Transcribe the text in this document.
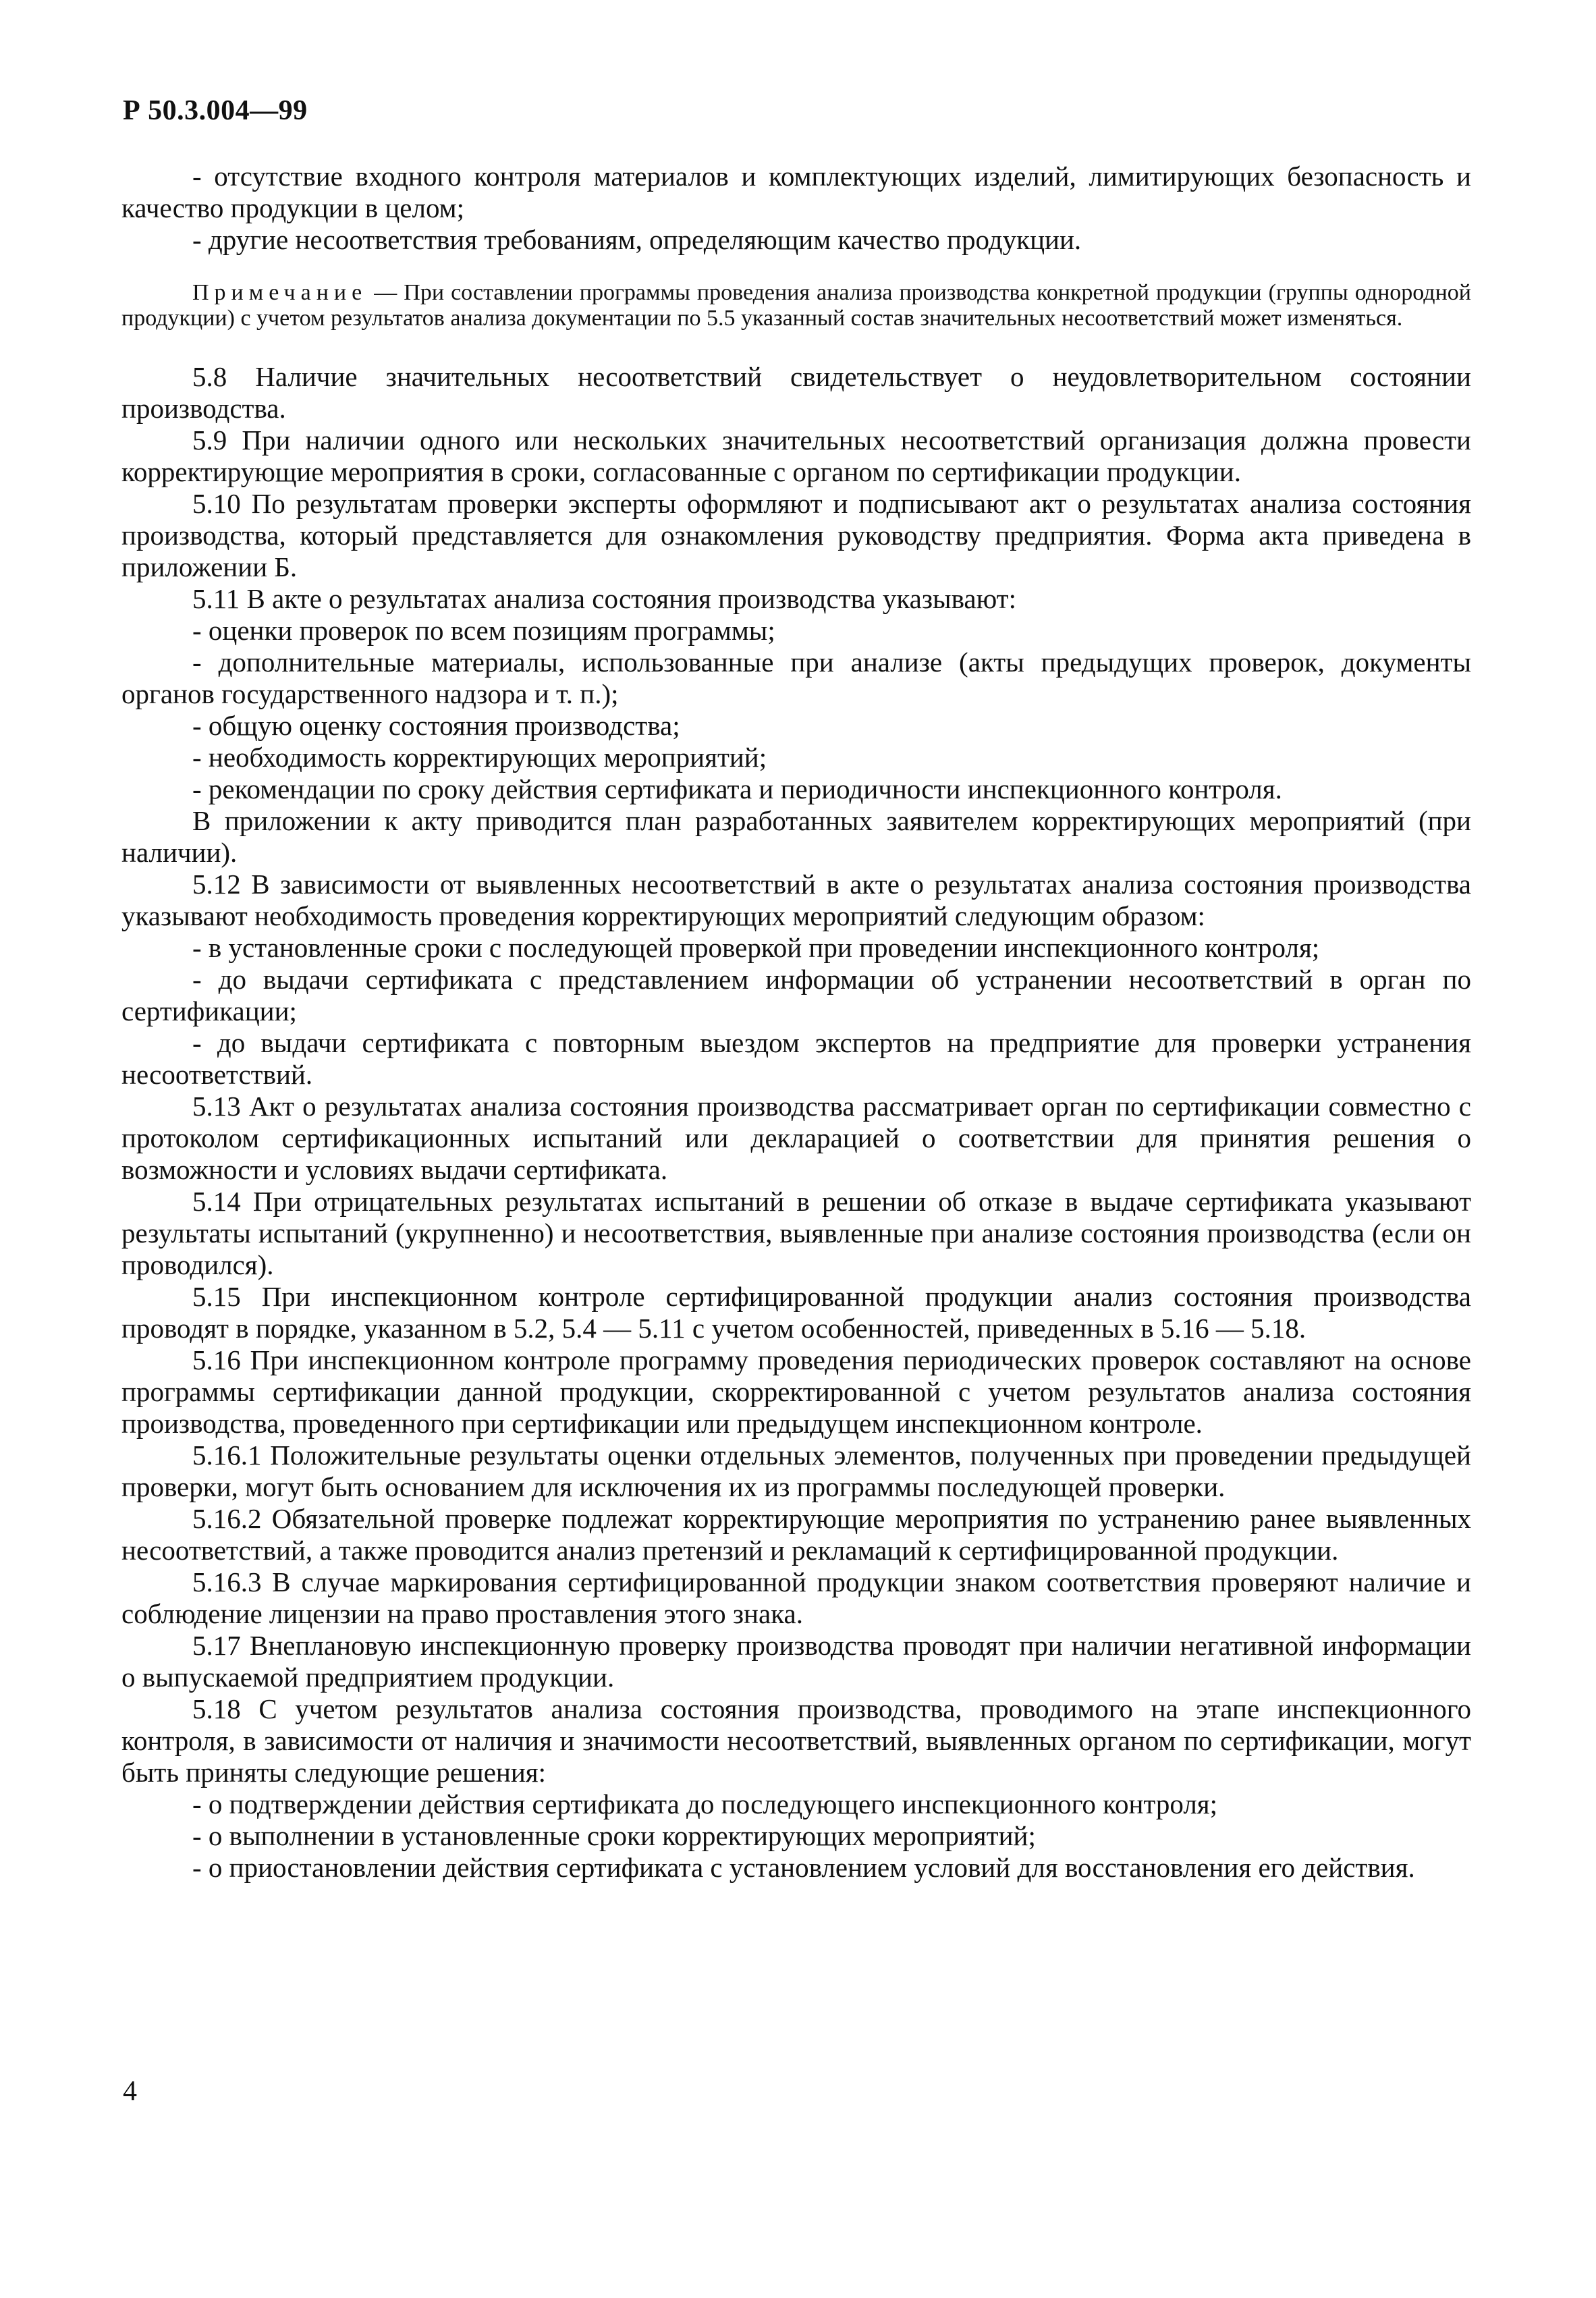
Р 50.3.004—99

- отсутствие входного контроля материалов и комплектующих изделий, лимитирующих безопасность и качество продукции в целом;

- другие несоответствия требованиям, определяющим качество продукции.

Примечание — При составлении программы проведения анализа производства конкретной продукции (группы однородной продукции) с учетом результатов анализа документации по 5.5 указанный состав значительных несоответствий может изменяться.

5.8 Наличие значительных несоответствий свидетельствует о неудовлетворительном состоянии производства.

5.9 При наличии одного или нескольких значительных несоответствий организация должна провести корректирующие мероприятия в сроки, согласованные с органом по сертификации продукции.

5.10 По результатам проверки эксперты оформляют и подписывают акт о результатах анализа состояния производства, который представляется для ознакомления руководству предприятия. Форма акта приведена в приложении Б.

5.11 В акте о результатах анализа состояния производства указывают:

- оценки проверок по всем позициям программы;

- дополнительные материалы, использованные при анализе (акты предыдущих проверок, документы органов государственного надзора и т. п.);

- общую оценку состояния производства;

- необходимость корректирующих мероприятий;

- рекомендации по сроку действия сертификата и периодичности инспекционного контроля.

В приложении к акту приводится план разработанных заявителем корректирующих мероприятий (при наличии).

5.12 В зависимости от выявленных несоответствий в акте о результатах анализа состояния производства указывают необходимость проведения корректирующих мероприятий следующим образом:

- в установленные сроки с последующей проверкой при проведении инспекционного контроля;

- до выдачи сертификата с представлением информации об устранении несоответствий в орган по сертификации;

- до выдачи сертификата с повторным выездом экспертов на предприятие для проверки устранения несоответствий.

5.13 Акт о результатах анализа состояния производства рассматривает орган по сертификации совместно с протоколом сертификационных испытаний или декларацией о соответствии для принятия решения о возможности и условиях выдачи сертификата.

5.14 При отрицательных результатах испытаний в решении об отказе в выдаче сертификата указывают результаты испытаний (укрупненно) и несоответствия, выявленные при анализе состояния производства (если он проводился).

5.15 При инспекционном контроле сертифицированной продукции анализ состояния производства проводят в порядке, указанном в 5.2, 5.4 — 5.11 с учетом особенностей, приведенных в 5.16 — 5.18.

5.16 При инспекционном контроле программу проведения периодических проверок составляют на основе программы сертификации данной продукции, скорректированной с учетом результатов анализа состояния производства, проведенного при сертификации или предыдущем инспекционном контроле.

5.16.1 Положительные результаты оценки отдельных элементов, полученных при проведении предыдущей проверки, могут быть основанием для исключения их из программы последующей проверки.

5.16.2 Обязательной проверке подлежат корректирующие мероприятия по устранению ранее выявленных несоответствий, а также проводится анализ претензий и рекламаций к сертифицированной продукции.

5.16.3 В случае маркирования сертифицированной продукции знаком соответствия проверяют наличие и соблюдение лицензии на право проставления этого знака.

5.17 Внеплановую инспекционную проверку производства проводят при наличии негативной информации о выпускаемой предприятием продукции.

5.18 С учетом результатов анализа состояния производства, проводимого на этапе инспекционного контроля, в зависимости от наличия и значимости несоответствий, выявленных органом по сертификации, могут быть приняты следующие решения:

- о подтверждении действия сертификата до последующего инспекционного контроля;

- о выполнении в установленные сроки корректирующих мероприятий;

- о приостановлении действия сертификата с установлением условий для восстановления его действия.

4
